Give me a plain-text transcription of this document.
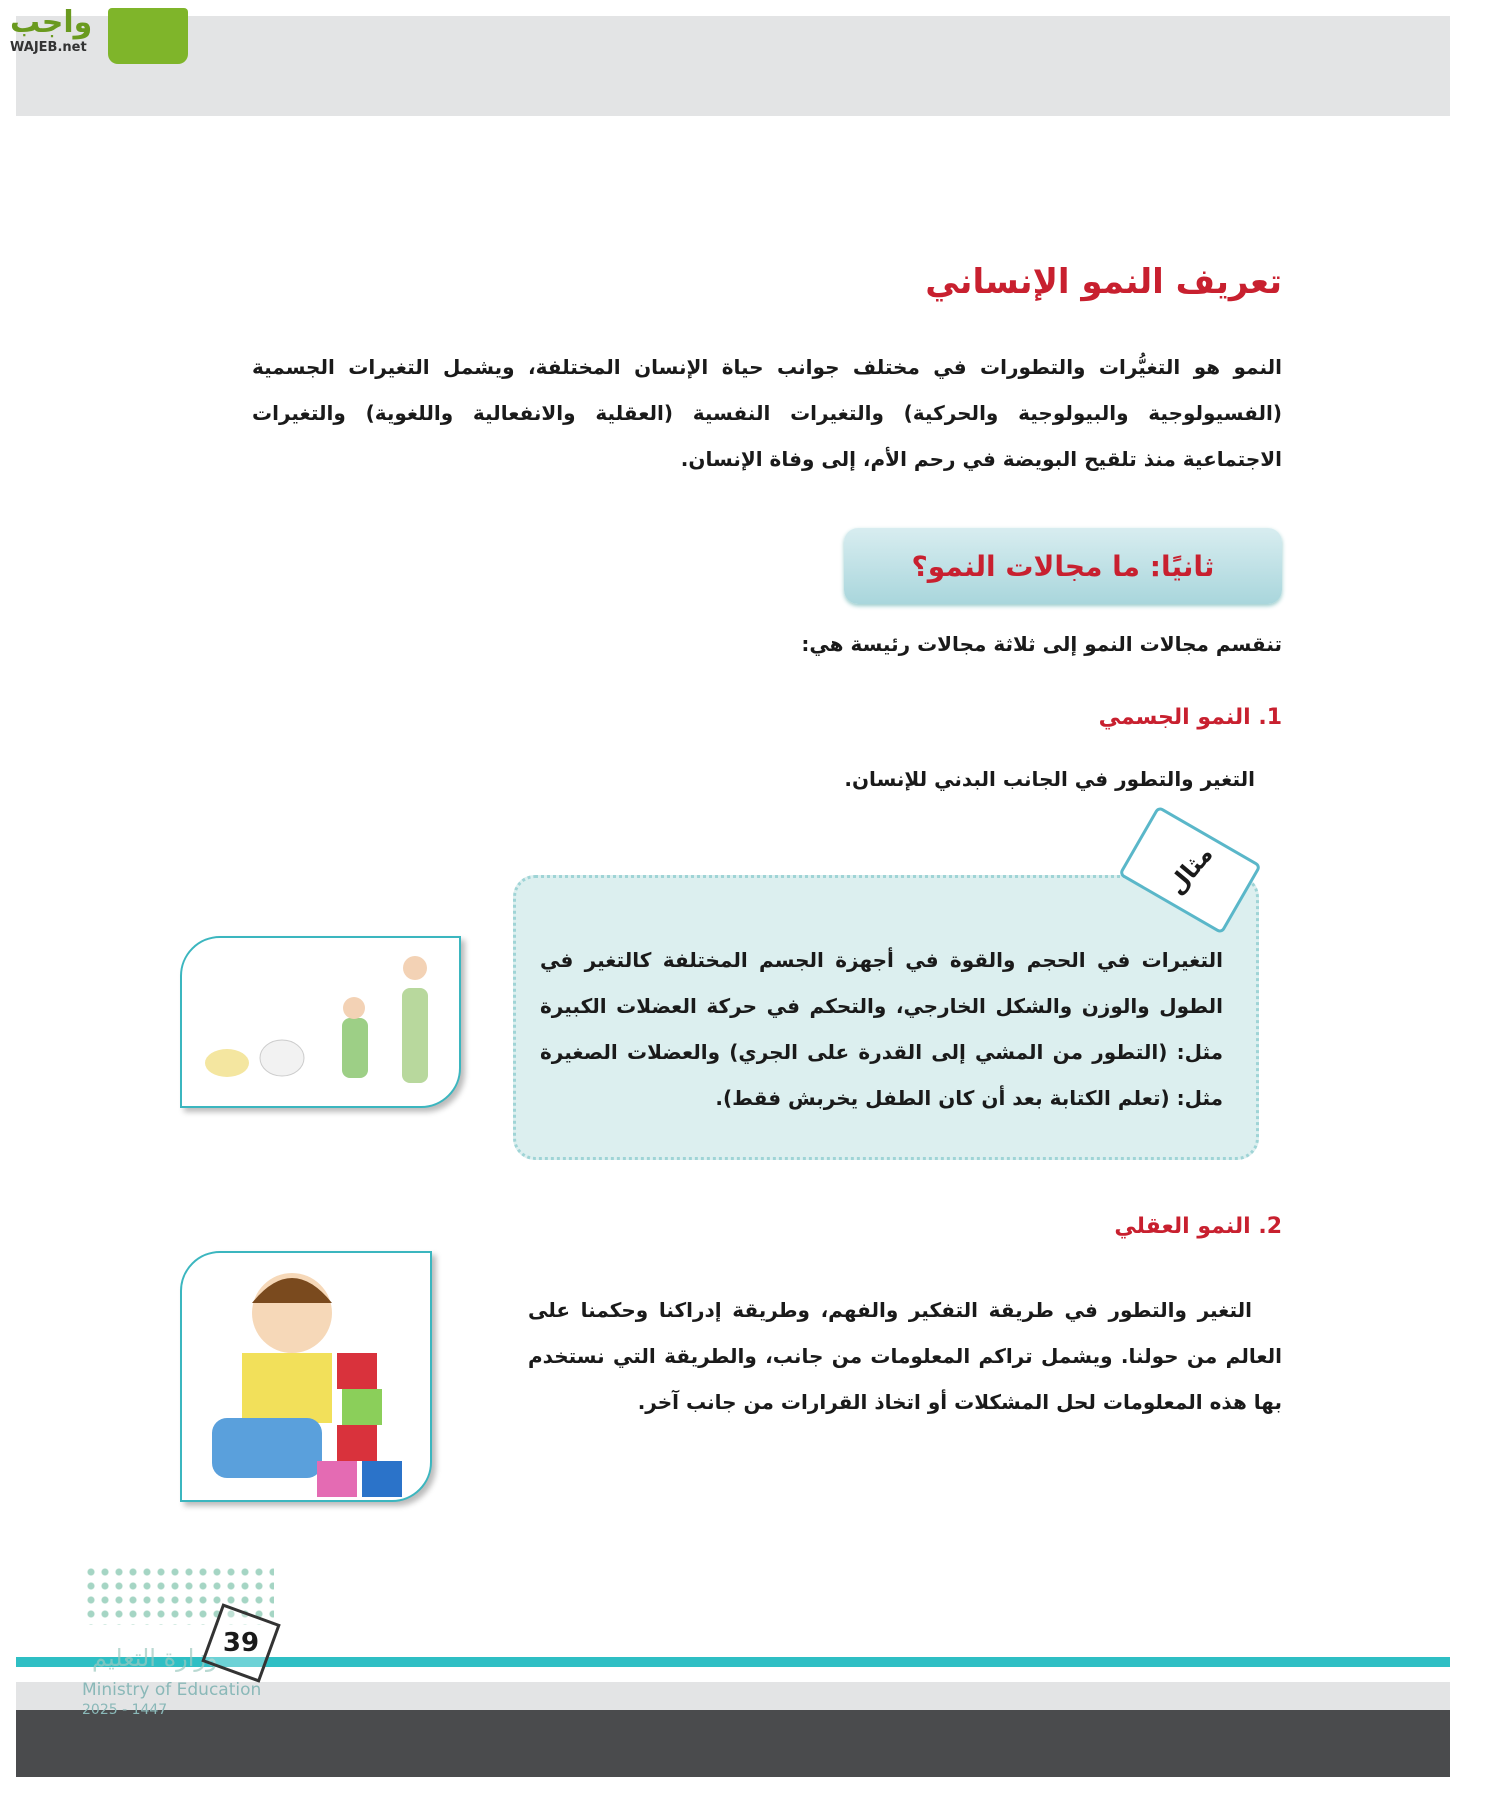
واجب
WAJEB.net
تعريف النمو الإنساني
النمو هو التغيُّرات والتطورات في مختلف جوانب حياة الإنسان المختلفة، ويشمل التغيرات الجسمية (الفسيولوجية والبيولوجية والحركية) والتغيرات النفسية (العقلية والانفعالية واللغوية) والتغيرات الاجتماعية منذ تلقيح البويضة في رحم الأم، إلى وفاة الإنسان.
ثانيًا: ما مجالات النمو؟
تنقسم مجالات النمو إلى ثلاثة مجالات رئيسة هي:
1. النمو الجسمي
التغير والتطور في الجانب البدني للإنسان.
مثال
التغيرات في الحجم والقوة في أجهزة الجسم المختلفة كالتغير في الطول والوزن والشكل الخارجي، والتحكم في حركة العضلات الكبيرة مثل: (التطور من المشي إلى القدرة على الجري) والعضلات الصغيرة مثل: (تعلم الكتابة بعد أن كان الطفل يخربش فقط).
2. النمو العقلي
التغير والتطور في طريقة التفكير والفهم، وطريقة إدراكنا وحكمنا على العالم من حولنا. ويشمل تراكم المعلومات من جانب، والطريقة التي نستخدم بها هذه المعلومات لحل المشكلات أو اتخاذ القرارات من جانب آخر.
وزارة التعليم
Ministry of Education
2025 - 1447
39
